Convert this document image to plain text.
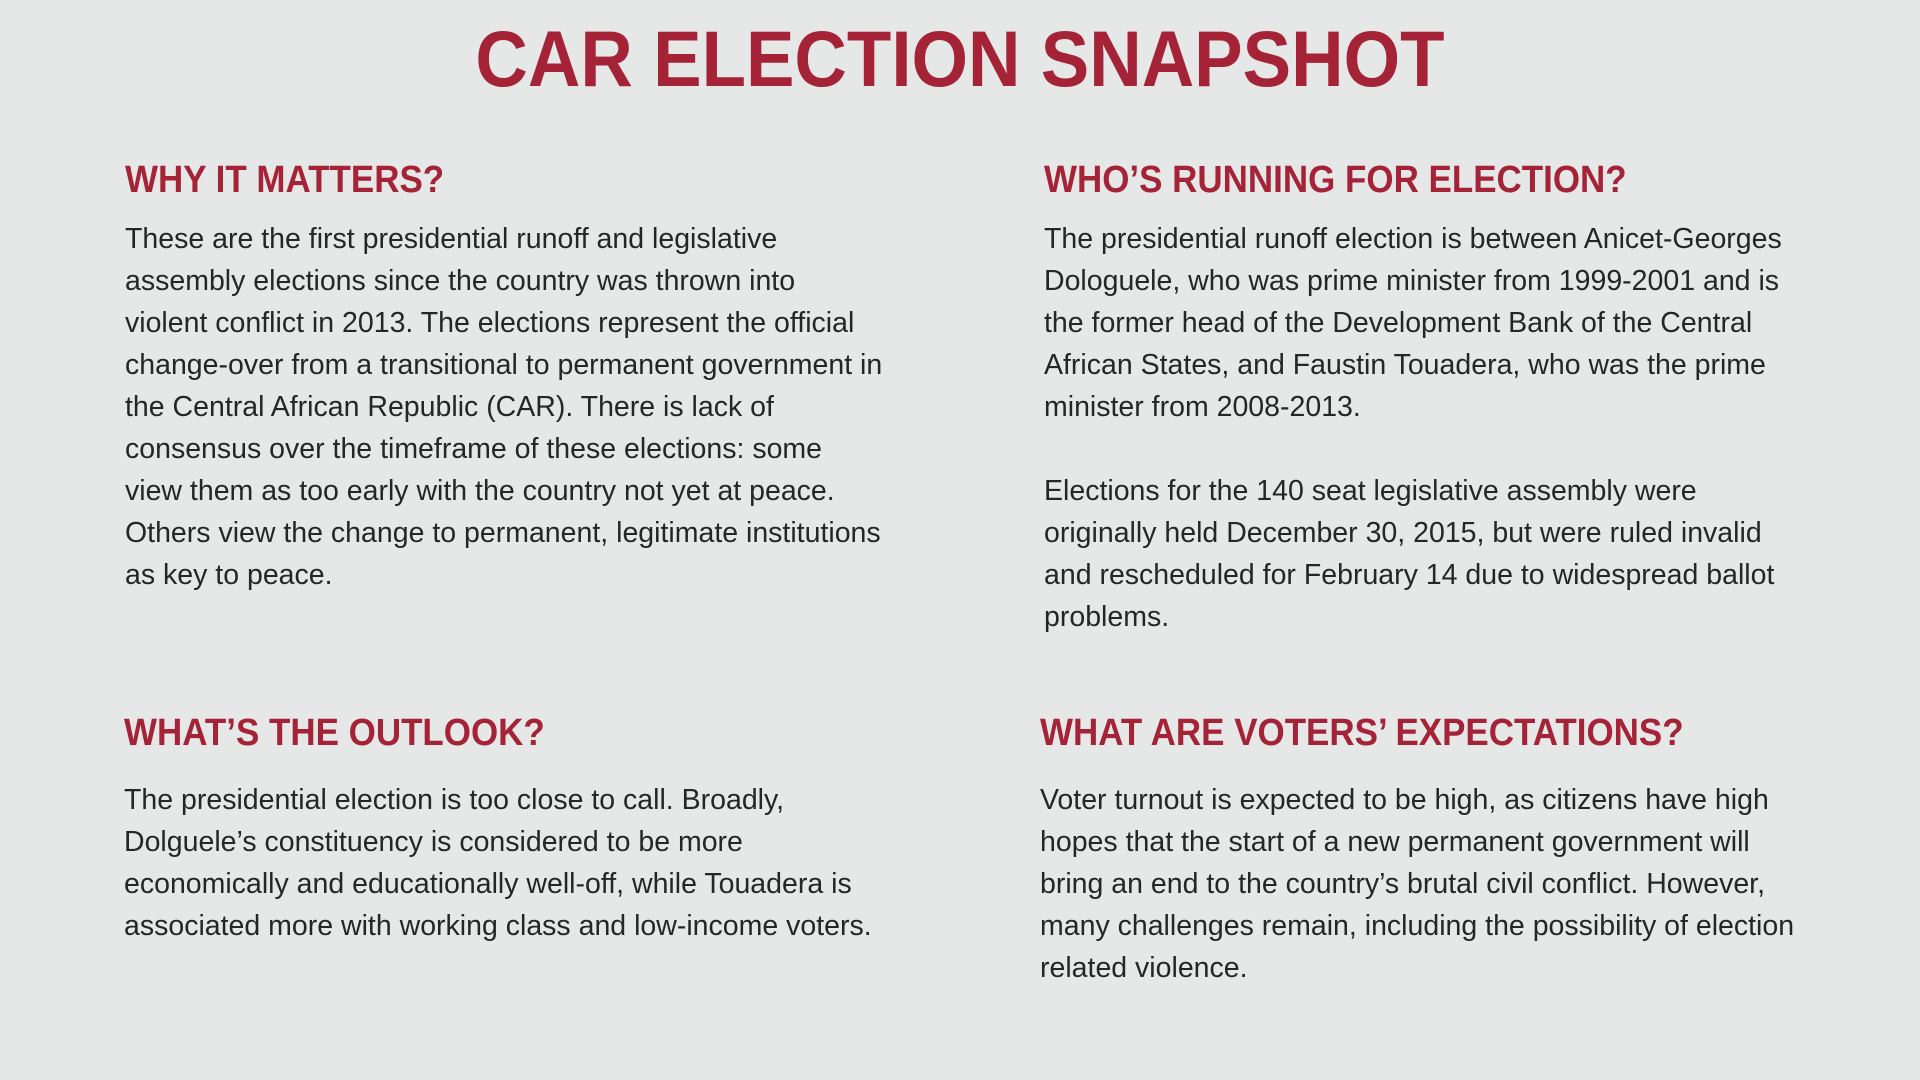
CAR ELECTION SNAPSHOT
WHY IT MATTERS?

These are the first presidential runoff and legislative assembly elections since the country was thrown into violent conflict in 2013. The elections represent the official change-over from a transitional to permanent government in the Central African Republic (CAR). There is lack of consensus over the timeframe of these elections: some view them as too early with the country not yet at peace. Others view the change to permanent, legitimate institutions as key to peace.

WHO’S RUNNING FOR ELECTION?

The presidential runoff election is between Anicet-Georges Dologuele, who was prime minister from 1999-2001 and is the former head of the Development Bank of the Central African States, and Faustin Touadera, who was the prime minister from 2008-2013.

Elections for the 140 seat legislative assembly were originally held December 30, 2015, but were ruled invalid and rescheduled for February 14 due to widespread ballot problems.

WHAT’S THE OUTLOOK?

The presidential election is too close to call. Broadly, Dolguele’s constituency is considered to be more economically and educationally well-off, while Touadera is associated more with working class and low-income voters.

WHAT ARE VOTERS’ EXPECTATIONS?

Voter turnout is expected to be high, as citizens have high hopes that the start of a new permanent government will bring an end to the country’s brutal civil conflict. However, many challenges remain, including the possibility of election related violence.
